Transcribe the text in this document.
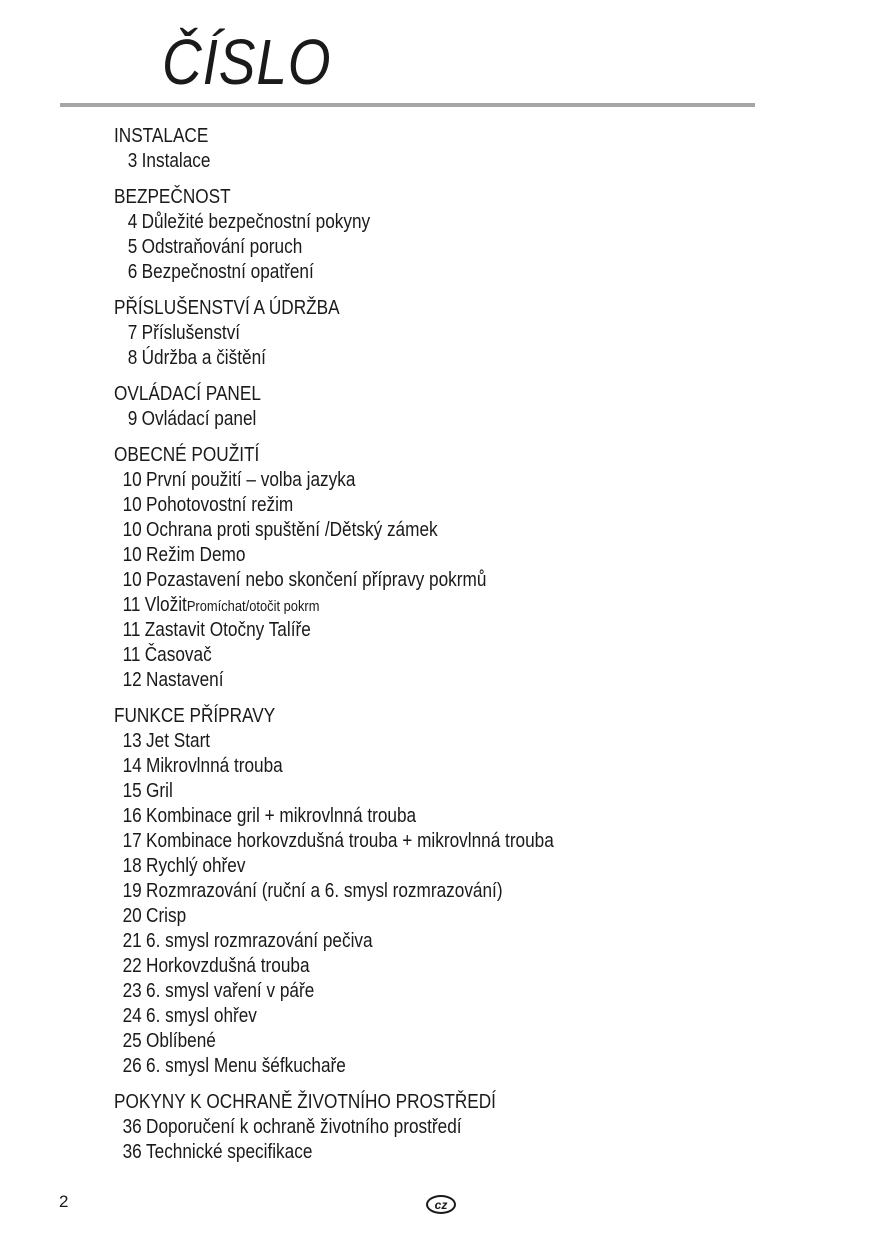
ČÍSLO
INSTALACE
3 Instalace
BEZPEČNOST
4 Důležité bezpečnostní pokyny
5 Odstraňování poruch
6 Bezpečnostní opatření
PŘÍSLUŠENSTVÍ A ÚDRŽBA
7 Příslušenství
8 Údržba a čištění
OVLÁDACÍ PANEL
9 Ovládací panel
OBECNÉ POUŽITÍ
10 První použití – volba jazyka
10 Pohotovostní režim
10 Ochrana proti spuštění /Dětský zámek
10 Režim Demo
10 Pozastavení nebo skončení přípravy pokrmů
11 VložitPromíchat/otočit pokrm
11 Zastavit Otočny Talíře
11 Časovač
12 Nastavení
FUNKCE PŘÍPRAVY
13 Jet Start
14 Mikrovlnná trouba
15 Gril
16 Kombinace gril + mikrovlnná trouba
17 Kombinace horkovzdušná trouba + mikrovlnná trouba
18 Rychlý ohřev
19 Rozmrazování (ruční a 6. smysl rozmrazování)
20 Crisp
21 6. smysl rozmrazování pečiva
22 Horkovzdušná trouba
23 6. smysl vaření v páře
24 6. smysl ohřev
25 Oblíbené
26 6. smysl Menu šéfkuchaře
POKYNY K OCHRANĚ ŽIVOTNÍHO PROSTŘEDÍ
36 Doporučení k ochraně životního prostředí
36 Technické specifikace
2	cz
